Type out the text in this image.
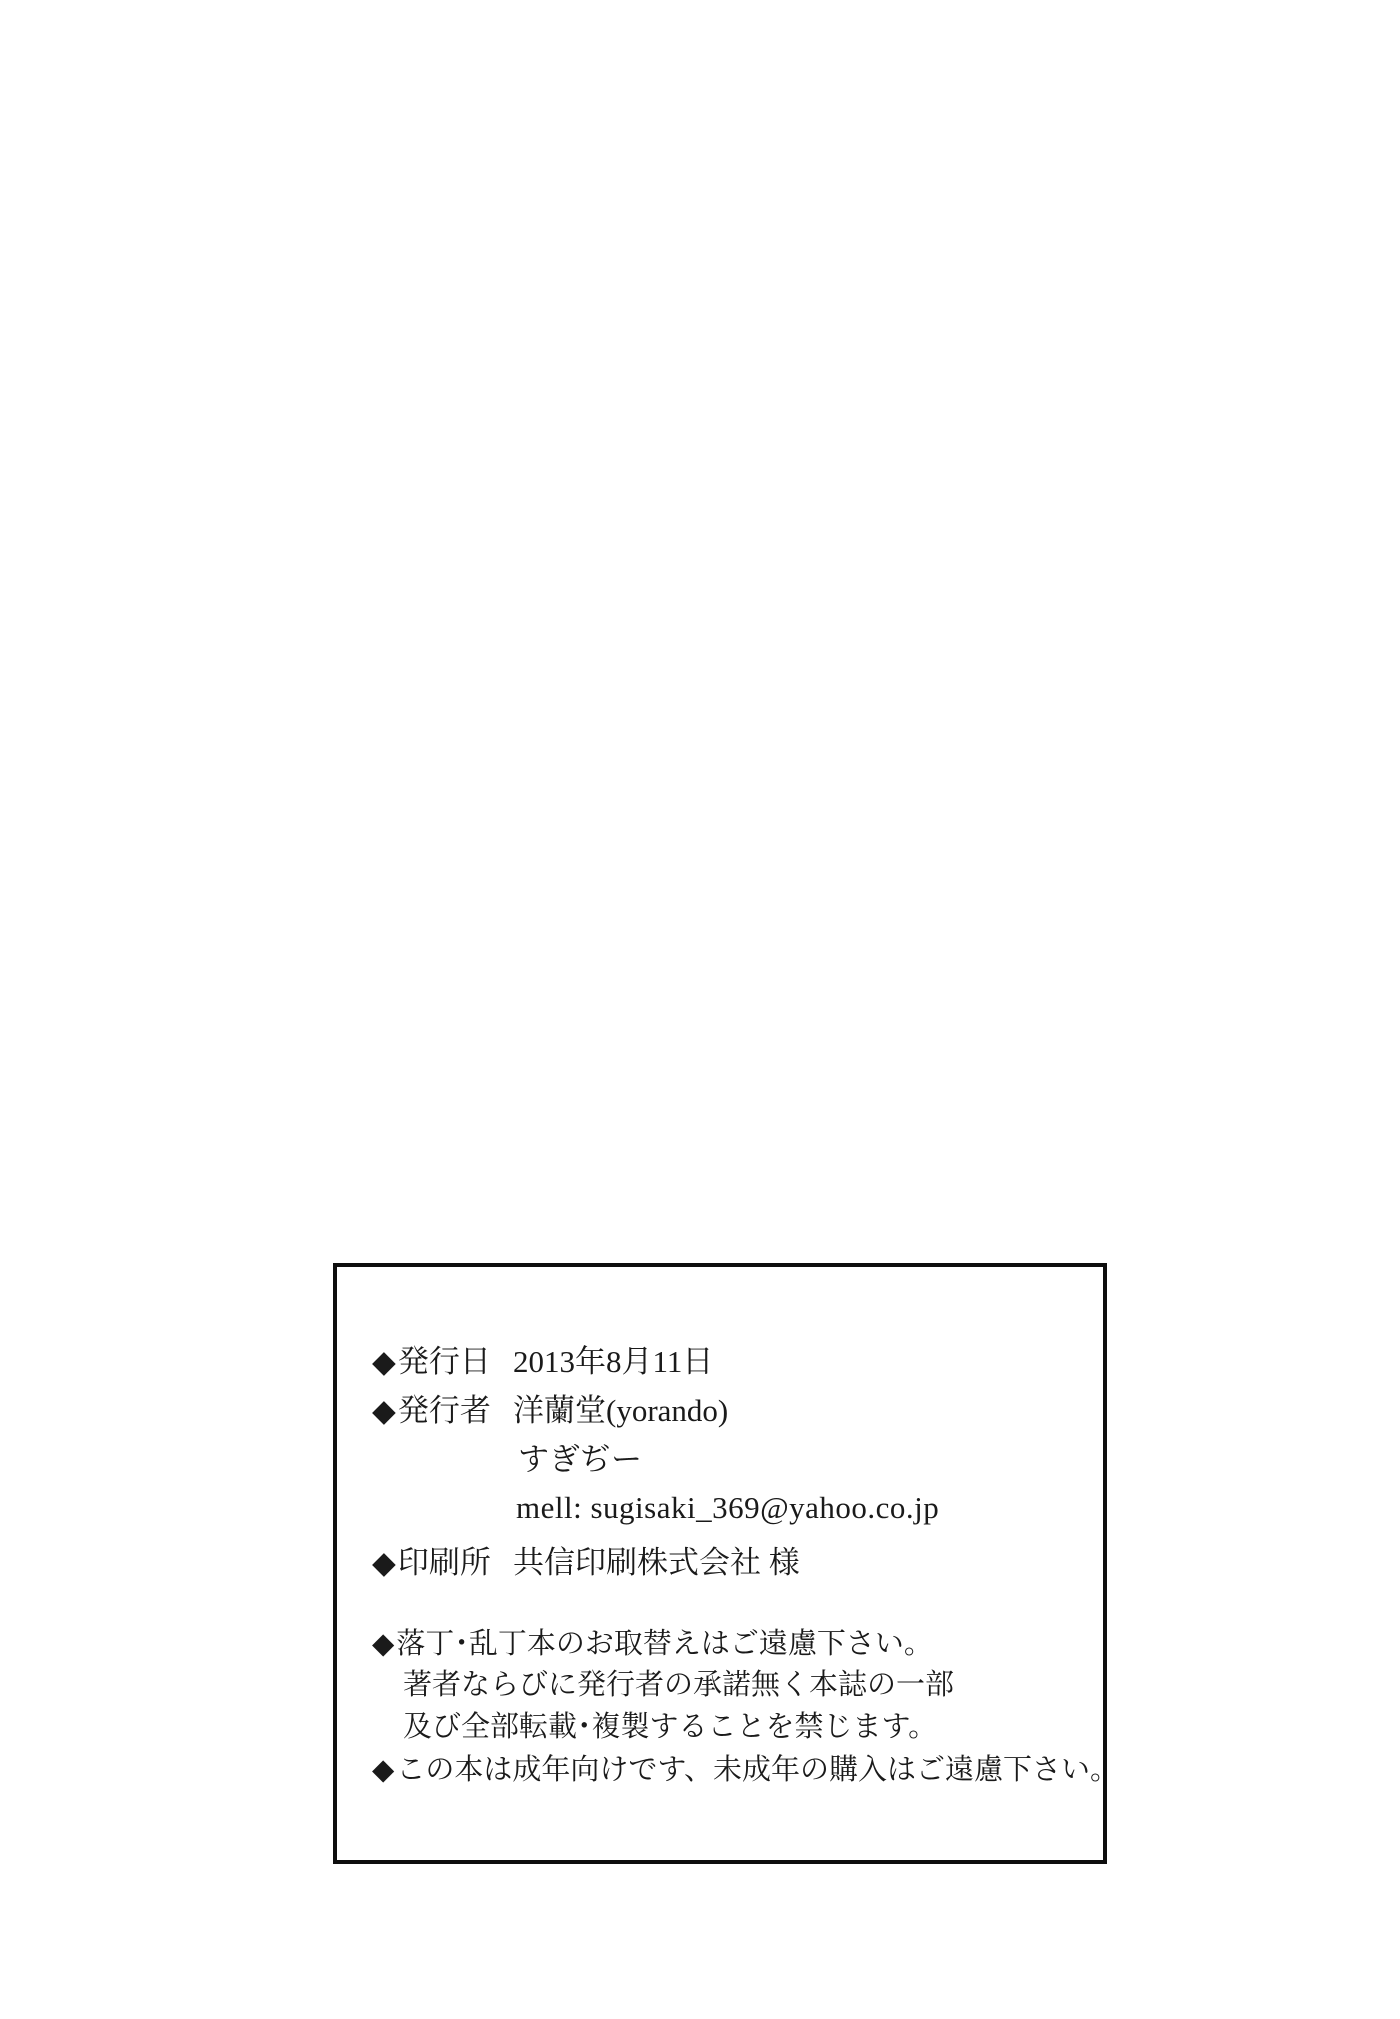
◆発行日 2013年8月11日
◆発行者 洋蘭堂(yorando)
すぎぢー
mell: sugisaki_369@yahoo.co.jp
◆印刷所 共信印刷株式会社 様
◆落丁･乱丁本のお取替えはご遠慮下さい。
著者ならびに発行者の承諾無く本誌の一部
及び全部転載･複製することを禁じます。
◆この本は成年向けです、未成年の購入はご遠慮下さい。
